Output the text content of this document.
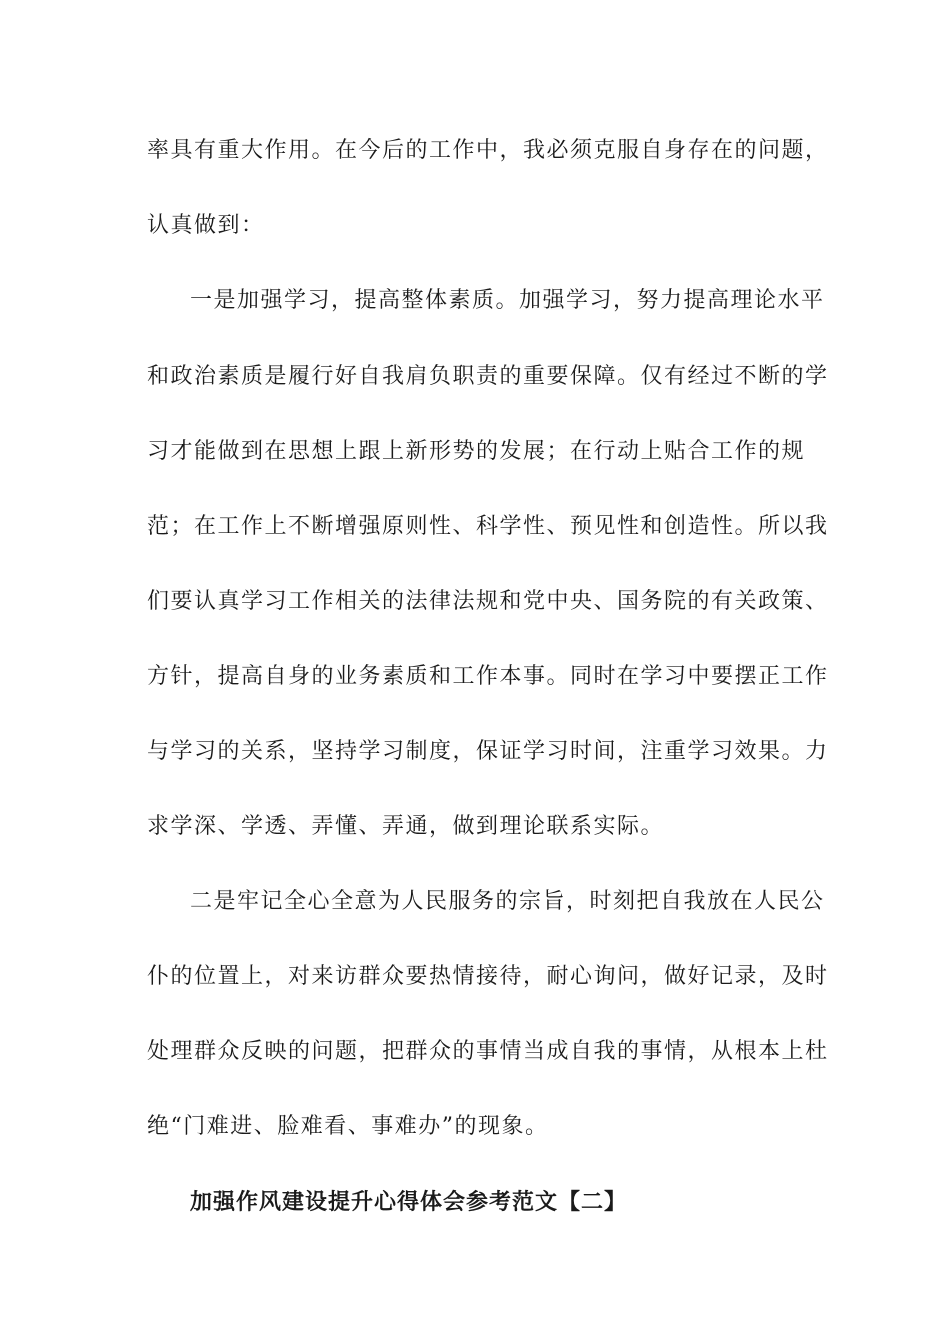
率具有重大作用。在今后的工作中，我必须克服自身存在的问题，
认真做到：
一是加强学习，提高整体素质。加强学习，努力提高理论水平
和政治素质是履行好自我肩负职责的重要保障。仅有经过不断的学
习才能做到在思想上跟上新形势的发展；在行动上贴合工作的规
范；在工作上不断增强原则性、科学性、预见性和创造性。所以我
们要认真学习工作相关的法律法规和党中央、国务院的有关政策、
方针，提高自身的业务素质和工作本事。同时在学习中要摆正工作
与学习的关系，坚持学习制度，保证学习时间，注重学习效果。力
求学深、学透、弄懂、弄通，做到理论联系实际。
二是牢记全心全意为人民服务的宗旨，时刻把自我放在人民公
仆的位置上，对来访群众要热情接待，耐心询问，做好记录，及时
处理群众反映的问题，把群众的事情当成自我的事情，从根本上杜
绝“门难进、脸难看、事难办”的现象。
加强作风建设提升心得体会参考范文【二】
